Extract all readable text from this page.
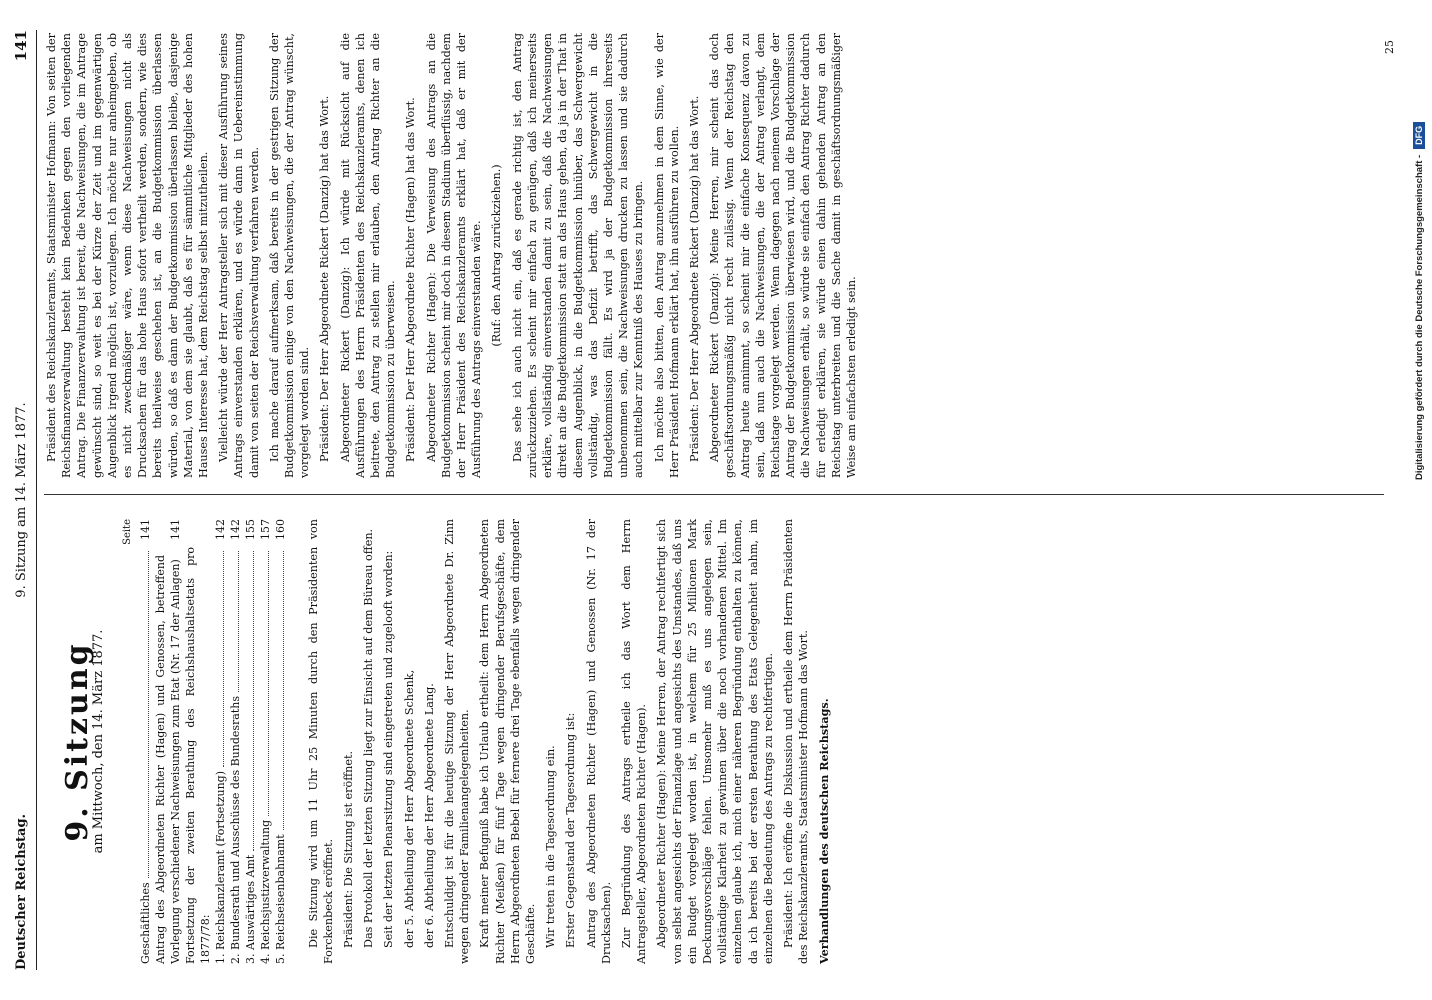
Deutscher Reichstag.
9. Sitzung am 14. März 1877.
141
9. Sitzung
am Mittwoch, den 14. März 1877.
Seite
Geschäftliches
141
Antrag des Abgeordneten Richter (Hagen) und Genossen, betreffend Vorlegung verschiedener Nachweisungen zum Etat (Nr. 17 der Anlagen)
141
Fortsetzung der zweiten Berathung des Reichshaushaltsetats pro 1877/78: 1. Reichskanzleramt (Fortsetzung)
142
2. Bundesrath und Ausschüsse des Bundesraths
142
3. Auswärtiges Amt
155
4. Reichsjustizverwaltung
157
5. Reichseisenbahnamt
160 Die Sitzung wird um 11 Uhr 25 Minuten durch den Präsidenten von Forckenbeck eröffnet. Präsident: Die Sitzung ist eröffnet. Das Protokoll der letzten Sitzung liegt zur Einsicht auf dem Büreau offen. Seit der letzten Plenarsitzung sind eingetreten und zugelooft worden: der 5. Abtheilung der Herr Abgeordnete Schenk, der 6. Abtheilung der Herr Abgeordnete Lang. Entschuldigt ist für die heutige Sitzung der Herr Abgeordnete Dr. Zinn wegen dringender Familienangelegenheiten. Kraft meiner Befugniß habe ich Urlaub ertheilt: dem Herrn Abgeordneten Richter (Meißen) für fünf Tage wegen dringender Berufsgeschäfte, dem Herrn Abgeordneten Bebel für fernere drei Tage ebenfalls wegen dringender Geschäfte. Wir treten in die Tagesordnung ein. Erster Gegenstand der Tagesordnung ist: Antrag des Abgeordneten Richter (Hagen) und Genossen (Nr. 17 der Drucksachen). Zur Begründung des Antrags ertheile ich das Wort dem Herrn Antragsteller, Abgeordneten Richter (Hagen). Abgeordneter Richter (Hagen): Meine Herren, der Antrag rechtfertigt sich von selbst angesichts der Finanzlage und angesichts des Umstandes, daß uns ein Budget vorgelegt worden ist, in welchem für 25 Millionen Mark Deckungsvorschläge fehlen. Umsomehr muß es uns angelegen sein, vollständige Klarheit zu gewinnen über die noch vorhandenen Mittel. Im einzelnen glaube ich, mich einer näheren Begründung enthalten zu können, da ich bereits bei der ersten Berathung des Etats Gelegenheit nahm, im einzelnen die Bedeutung des Antrags zu rechtfertigen. Präsident: Ich eröffne die Diskussion und ertheile dem Herrn Präsidenten des Reichskanzleramts, Staatsminister Hofmann das Wort. Verhandlungen des deutschen Reichstags.

Präsident des Reichskanzleramts, Staatsminister Hofmann: Von seiten der Reichsfinanzverwaltung besteht kein Bedenken gegen den vorliegenden Antrag. Die Finanzverwaltung ist bereit, die Nachweisungen, die im Antrage gewünscht sind, so weit es bei der Kürze der Zeit und im gegenwärtigen Augenblick irgend möglich ist, vorzulegen. Ich möchte nur anheimgeben, ob es nicht zweckmäßiger wäre, wenn diese Nachweisungen nicht als Drucksachen für das hohe Haus sofort vertheilt werden, sondern, wie dies bereits theilweise geschehen ist, an die Budgetkommission überlassen würden, so daß es dann der Budgetkommission überlassen bleibe, dasjenige Material, von dem sie glaubt, daß es für sämmtliche Mitglieder des hohen Hauses Interesse hat, dem Reichstag selbst mitzutheilen. Vielleicht würde der Herr Antragsteller sich mit dieser Ausführung seines Antrags einverstanden erklären, und es würde dann in Uebereinstimmung damit von seiten der Reichsverwaltung verfahren werden. Ich mache darauf aufmerksam, daß bereits in der gestrigen Sitzung der Budgetkommission einige von den Nachweisungen, die der Antrag wünscht, vorgelegt worden sind. Präsident: Der Herr Abgeordnete Rickert (Danzig) hat das Wort. Abgeordneter Rickert (Danzig): Ich würde mit Rücksicht auf die Ausführungen des Herrn Präsidenten des Reichskanzleramts, denen ich beitrete, den Antrag zu stellen mir erlauben, den Antrag Richter an die Budgetkommission zu überweisen. Präsident: Der Herr Abgeordnete Richter (Hagen) hat das Wort. Abgeordneter Richter (Hagen): Die Verweisung des Antrags an die Budgetkommission scheint mir doch in diesem Stadium überflüssig, nachdem der Herr Präsident des Reichskanzleramts erklärt hat, daß er mit der Ausführung des Antrags einverstanden wäre. (Ruf: den Antrag zurückziehen.) Das sehe ich auch nicht ein, daß es gerade richtig ist, den Antrag zurückzuziehen. Es scheint mir einfach zu genügen, daß ich meinerseits erkläre, vollständig einverstanden damit zu sein, daß die Nachweisungen direkt an die Budgetkommission statt an das Haus gehen, da ja in der That in diesem Augenblick, in die Budgetkommission hinüber, das Schwergewicht vollständig, was das Defizit betrifft, das Schwergewicht in die Budgetkommission fällt. Es wird ja der Budgetkommission ihrerseits unbenommen sein, die Nachweisungen drucken zu lassen und sie dadurch auch mittelbar zur Kenntniß des Hauses zu bringen. Ich möchte also bitten, den Antrag anzunehmen in dem Sinne, wie der Herr Präsident Hofmann erklärt hat, ihn ausführen zu wollen. Präsident: Der Herr Abgeordnete Rickert (Danzig) hat das Wort. Abgeordneter Rickert (Danzig): Meine Herren, mir scheint das doch geschäftsordnungsmäßig nicht recht zulässig. Wenn der Reichstag den Antrag heute annimmt, so scheint mir die einfache Konsequenz davon zu sein, daß nun auch die Nachweisungen, die der Antrag verlangt, dem Reichstage vorgelegt werden. Wenn dagegen nach meinem Vorschlage der Antrag der Budgetkommission überwiesen wird, und die Budgetkommission die Nachweisungen erhält, so würde sie einfach den Antrag Richter dadurch für erledigt erklären, sie würde einen dahin gehenden Antrag an den Reichstag unterbreiten und die Sache damit in geschäftsordnungsmäßiger Weise am einfachsten erledigt sein.

25
Digitalisierung gefördert durch die Deutsche Forschungsgemeinschaft -
DFG
